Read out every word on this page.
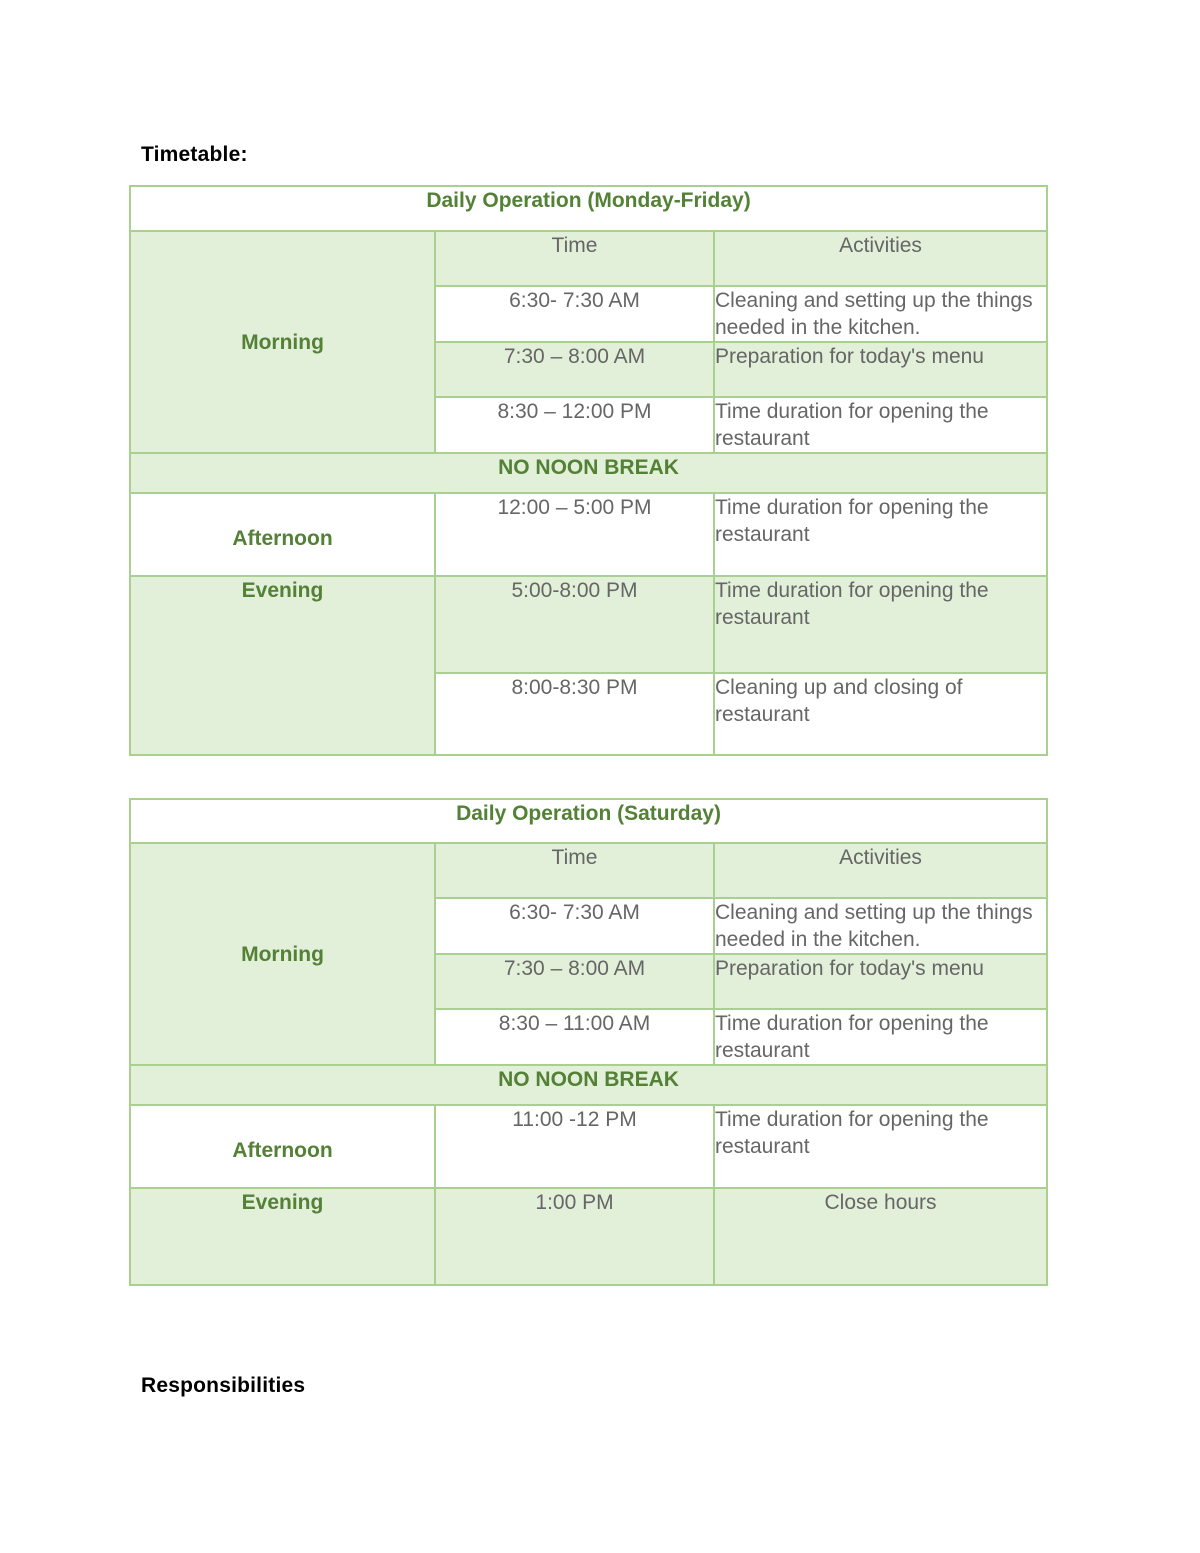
Timetable:
Daily Operation (Monday-Friday)		
Morning	Time	Activities
	6:30- 7:30 AM	Cleaning and setting up the things needed in the kitchen.
	7:30 – 8:00 AM	Preparation for today's menu
	8:30 – 12:00 PM	Time duration for opening the restaurant
NO NOON BREAK		
Afternoon	12:00 – 5:00 PM	Time duration for opening the restaurant
Evening	5:00-8:00 PM	Time duration for opening the restaurant
	8:00-8:30 PM	Cleaning up and closing of restaurant
Daily Operation (Saturday)		
Morning	Time	Activities
	6:30- 7:30 AM	Cleaning and setting up the things needed in the kitchen.
	7:30 – 8:00 AM	Preparation for today's menu
	8:30 – 11:00 AM	Time duration for opening the restaurant
NO NOON BREAK		
Afternoon	11:00 -12 PM	Time duration for opening the restaurant
Evening	1:00 PM	Close hours
Responsibilities
